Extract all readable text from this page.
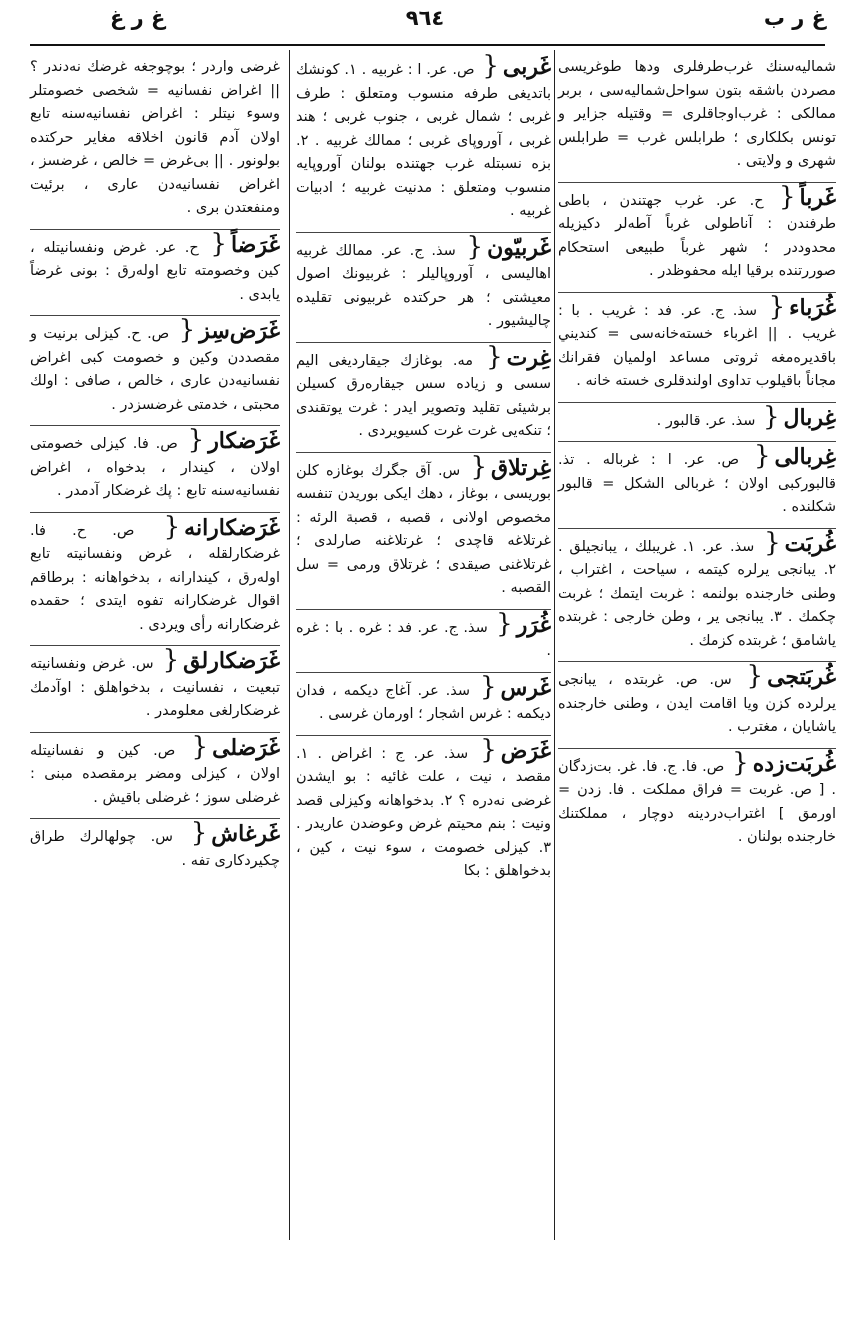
غ ر ب
٩٦٤
غ ر غ
شماليه‌سنك غرب‌طرفلری ودها طوغریسی مصردن باشقه بتون سواحل‌شماليه‌سی ، بربر ممالكی : غرب‌اوجاقلری = وقتيله جزاير و تونس بكلكاری ؛ طرابلس غرب = طرابلس شهری و ولايتی .
غَرباً{ ح. عر. غرب جهتندن ، باطی طرفندن : آناطولی غرباً آطه‌لر دكيزيله محدوددر ؛ شهر غرباً طبيعی استحكام صوررتنده برقيا ايله محفوظدر .
غُرَباء{ سذ. ج. عر. فد : غريب . با : غريب . || اغرباء خسته‌خانه‌سی = كنديني باقديره‌مغه ثروتی مساعد اولميان فقرانك مجاناً باقيلوب تداوی اولندقلری خسته خانه .
غِربال{ سذ. عر. قالبور .
غِربالی{ ص. عر. ا : غرباله . تذ. قالبوركبی اولان ؛ غربالی الشكل = قالبور شكلنده .
غُربَت{ سذ. عر. ١. غريبلك ، يبانجيلق . ٢. يبانجی يرلره كيتمه ، سياحت ، اغتراب ، وطنی خارجنده بولنمه : غربت ايتمك ؛ غربت چكمك . ٣. يبانجی ير ، وطن خارجی : غربتده ياشامق ؛ غربتده كزمك .
غُربَتجی{ س. ص. غربتده ، يبانجی يرلرده كزن ويا اقامت ايدن ، وطنی خارجنده ياشايان ، مغترب .
غُربَت‌زده{ ص. فا. ج. فا. غر. بت‌زدگان . [ ص. غربت = فراق مملكت . فا. زدن = اورمق ] اغتراب‌دردينه دوچار ، مملكتنك خارجنده بولنان .
غَربی{ ص. عر. ا : غربيه . ١. كونشك باتديغی طرفه منسوب ومتعلق : طرف غربی ؛ شمال غربی ، جنوب غربی ؛ هند غربی ، آوروپای غربی ؛ ممالك غربيه . ٢. بزه نسبتله غرب جهتنده بولنان آوروپايه منسوب ومتعلق : مدنيت غربيه ؛ ادبيات غربيه .
غَربيّون{ سذ. ج. عر. ممالك غربيه اهاليسی ، آوروپاليلر : غربيونك اصول معيشتی ؛ هر حركتده غربيونی تقليده چاليشيور .
غِرت{ مه. بوغازك جيقارديغی اليم سسی و زياده سس جيقاره‌رق كسيلن برشيئی تقليد وتصوير ايدر : غرت يوتقندی ؛ تنكه‌يی غرت غرت كسيويردی .
غِرتلاق{ س. آق جگرك بوغازه كلن بوريسی ، بوغاز ، دهك ايكی بوريدن تنفسه مخصوص اولانی ، قصبه ، قصبة الرئه : غرتلاغه قاچدی ؛ غرتلاغنه صارلدی ؛ غرتلاغنی صيقدی ؛ غرتلاق ورمی = سل القصبه .
غُرَر{ سذ. ج. عر. فد : غره . با : غره .
غَرس{ سذ. عر. آغاج ديكمه ، فدان ديكمه : غرس اشجار ؛ اورمان غرسی .
غَرَض{ سذ. عر. ج : اغراض . ١. مقصد ، نيت ، علت غائيه : بو ايشدن غرضی نه‌دره ؟ ٢. بدخواهانه وكيزلی قصد ونيت : بنم محيتم غرض وعوضدن عاريدر . ٣. كيزلی خصومت ، سوء نيت ، كين ، بدخواهلق : بكا
غرضی واردر ؛ بوچوجغه غرضك نه‌دندر ؟ || اغراض نفسانيه = شخصی خصومتلر وسوء نيتلر : اغراض نفسانيه‌سنه تابع اولان آدم قانون اخلاقه مغاير حركتده بولونور . || بی‌غرض = خالص ، غرضسز ، اغراض نفسانيه‌دن عاری ، برئيت ومنفعتدن بری .
غَرَضاً{ ح. عر. غرض ونفسانيتله ، كين وخصومته تابع اوله‌رق : بونی غرضاً يابدی .
غَرَض‌سِز{ ص. ح. كيزلی برنيت و مقصددن وكين و خصومت كبی اغراض نفسانيه‌دن عاری ، خالص ، صافی : اولك محبتی ، خدمتی غرضسزدر .
غَرَضكار{ ص. فا. كيزلی خصومتی اولان ، كيندار ، بدخواه ، اغراض نفسانيه‌سنه تابع : پك غرضكار آدمدر .
غَرَضكارانه{ ص. ح. فا. غرضكارلقله ، غرض ونفسانيته تابع اوله‌رق ، كيندارانه ، بدخواهانه : برطاقم اقوال غرضكارانه تفوه ايتدی ؛ حقمده غرضكارانه رأی ويردی .
غَرَضكارلق{ س. غرض ونفسانيته تبعيت ، نفسانيت ، بدخواهلق : اوآدمك غرضكارلغی معلومدر .
غَرَضلی{ ص. كين و نفسانيتله اولان ، كيزلی ومضر برمقصده مبنی : غرضلی سوز ؛ غرضلی باقيش .
غَرغاش{ س. چولهالرك طراق چكيردكاری تفه .
